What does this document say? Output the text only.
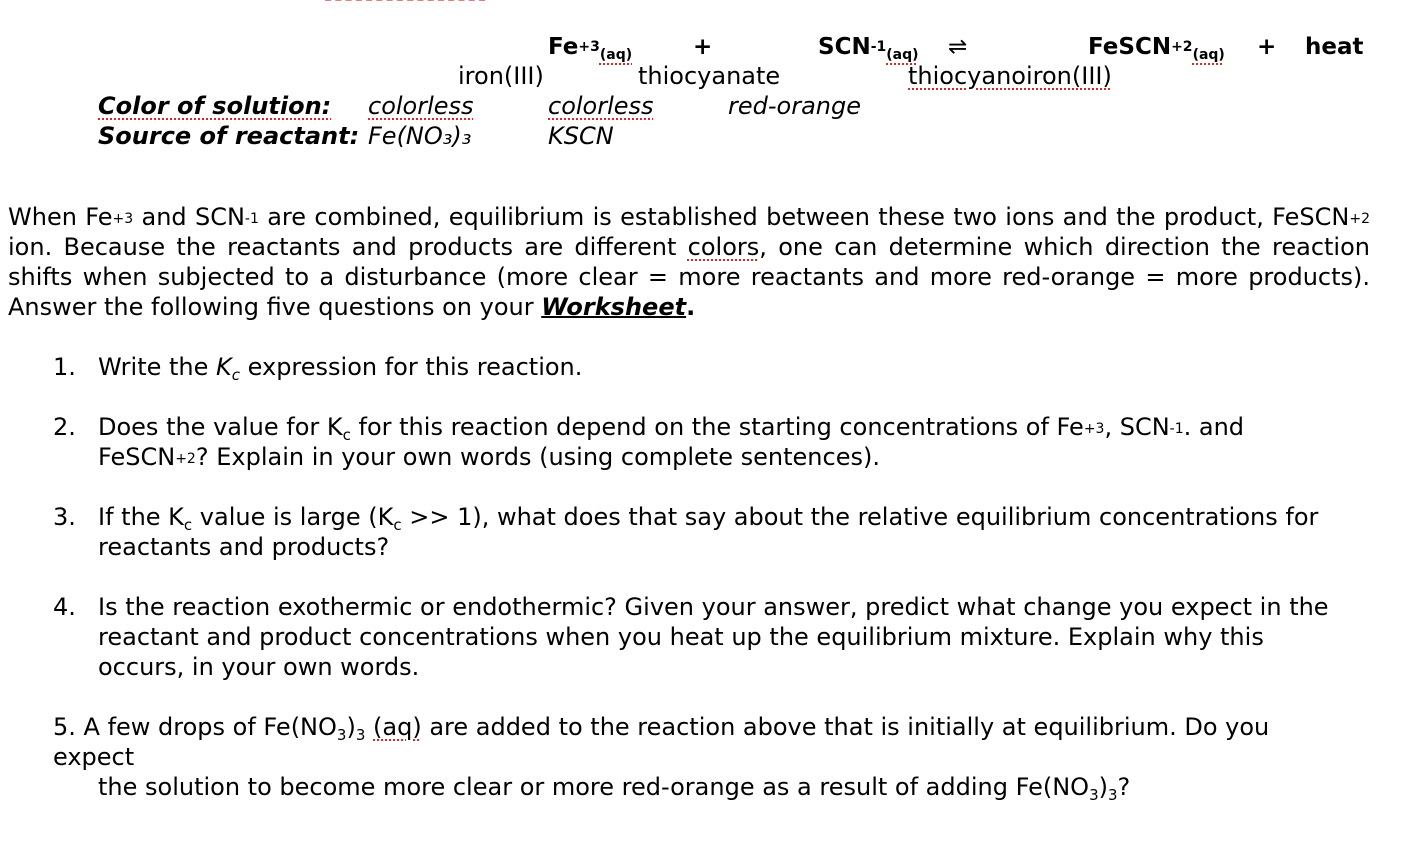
$Fe^{+3}_{(aq)}$	+	$SCN^{-1}_{(aq)}$ ⇌	FeSCN$^{+2}_{(aq)}$ + heat
iron(III)	thiocyanate	thiocyanoiron(III)
Color of solution: colorless	colorless	red-orange
Source of reactant: Fe(NO₃)₃	KSCN
When $Fe^{+3}$ and $SCN^{-1}$ are combined, equilibrium is established between these two ions and the product, FeSCN$^{+2}$ ion. Because the reactants and products are different colors, one can determine which direction the reaction shifts when subjected to a disturbance (more clear = more reactants and more red-orange = more products). Answer the following five questions on your Worksheet.
1. Write the $K_c$ expression for this reaction.
2. Does the value for $K_c$ for this reaction depend on the starting concentrations of $Fe^{+3}$, $SCN^{-1}$. and
FeSCN$^{+2}$? Explain in your own words (using complete sentences).
3. If the $K_c$ value is large $(K_c >> 1)$, what does that say about the relative equilibrium concentrations for
reactants and products?
4. Is the reaction exothermic or endothermic? Given your answer, predict what change you expect in the
reactant and product concentrations when you heat up the equilibrium mixture. Explain why this
occurs, in your own words.
5. A few drops of $Fe(NO_3)_3$ (aq) are added to the reaction above that is initially at equilibrium. Do you
expect
the solution to become more clear or more red-orange as a result of adding $Fe(NO_3)_3$?
